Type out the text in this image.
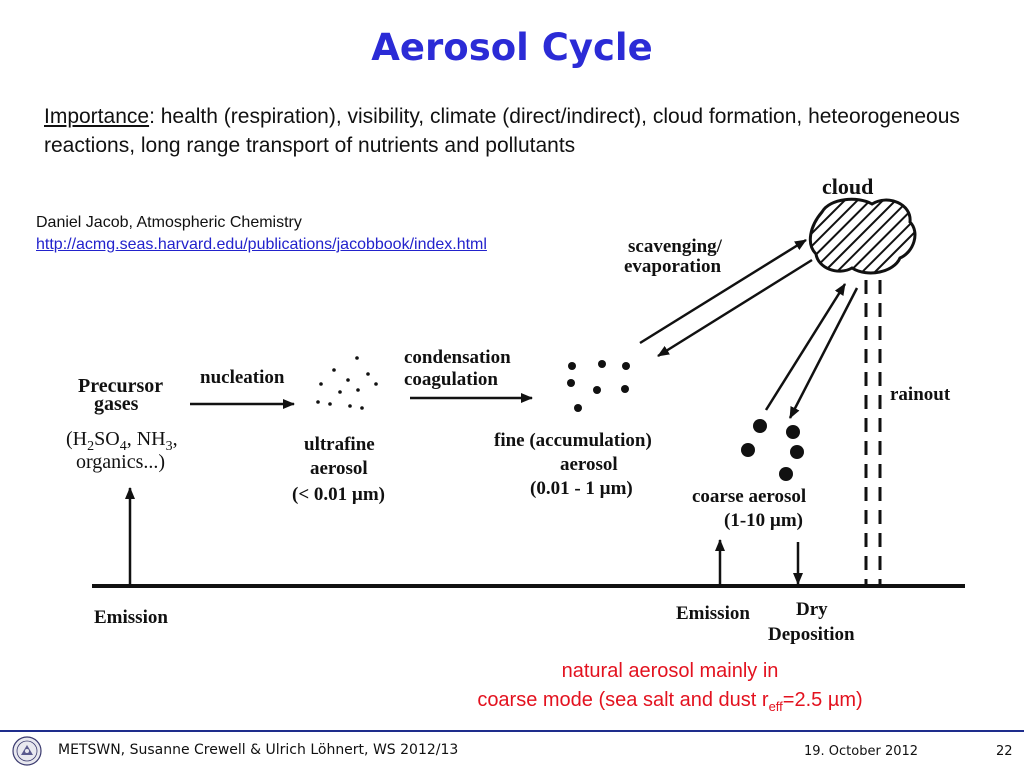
Aerosol Cycle
Importance: health (respiration), visibility, climate (direct/indirect), cloud formation, heteorogeneous reactions, long range transport of nutrients and pollutants
Daniel Jacob, Atmospheric Chemistry
http://acmg.seas.harvard.edu/publications/jacobbook/index.html
cloud
scavenging/
evaporation
rainout
Precursor
gases
($H_2SO_4$, $NH_3$,
organics...)
nucleation
condensation
coagulation
ultrafine
aerosol
(< 0.01 µm)
fine (accumulation)
aerosol
(0.01 - 1 µm)	coarse aerosol
(1-10 µm)
Emission	Emission Dry
Deposition
natural aerosol mainly in
coarse mode (sea salt and dust $r_{eff}=2.5$ µm)
METSWN, Susanne Crewell & Ulrich Löhnert, WS 2012/13	19. October 2012	22
